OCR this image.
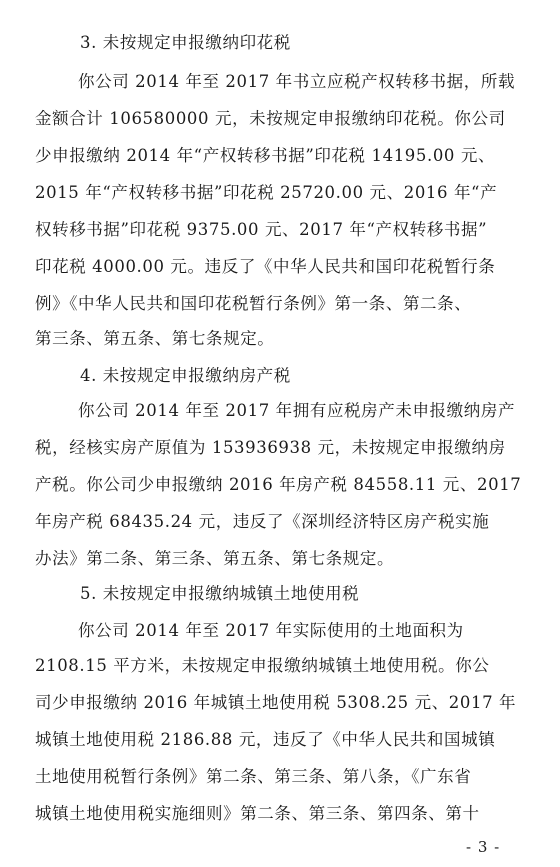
3. 未按规定申报缴纳印花税
你公司 2014 年至 2017 年书立应税产权转移书据，所载
金额合计 106580000 元，未按规定申报缴纳印花税。你公司
少申报缴纳 2014 年“产权转移书据”印花税 14195.00 元、
2015 年“产权转移书据”印花税 25720.00 元、2016 年“产
权转移书据”印花税 9375.00 元、2017 年“产权转移书据”
印花税 4000.00 元。违反了《中华人民共和国印花税暂行条
例》《中华人民共和国印花税暂行条例》第一条、第二条、
第三条、第五条、第七条规定。
4. 未按规定申报缴纳房产税
你公司 2014 年至 2017 年拥有应税房产未申报缴纳房产
税，经核实房产原值为 153936938 元，未按规定申报缴纳房
产税。你公司少申报缴纳 2016 年房产税 84558.11 元、2017
年房产税 68435.24 元，违反了《深圳经济特区房产税实施
办法》第二条、第三条、第五条、第七条规定。
5. 未按规定申报缴纳城镇土地使用税
你公司 2014 年至 2017 年实际使用的土地面积为
2108.15 平方米，未按规定申报缴纳城镇土地使用税。你公
司少申报缴纳 2016 年城镇土地使用税 5308.25 元、2017 年
城镇土地使用税 2186.88 元，违反了《中华人民共和国城镇
土地使用税暂行条例》第二条、第三条、第八条，《广东省
城镇土地使用税实施细则》第二条、第三条、第四条、第十
- 3 -
